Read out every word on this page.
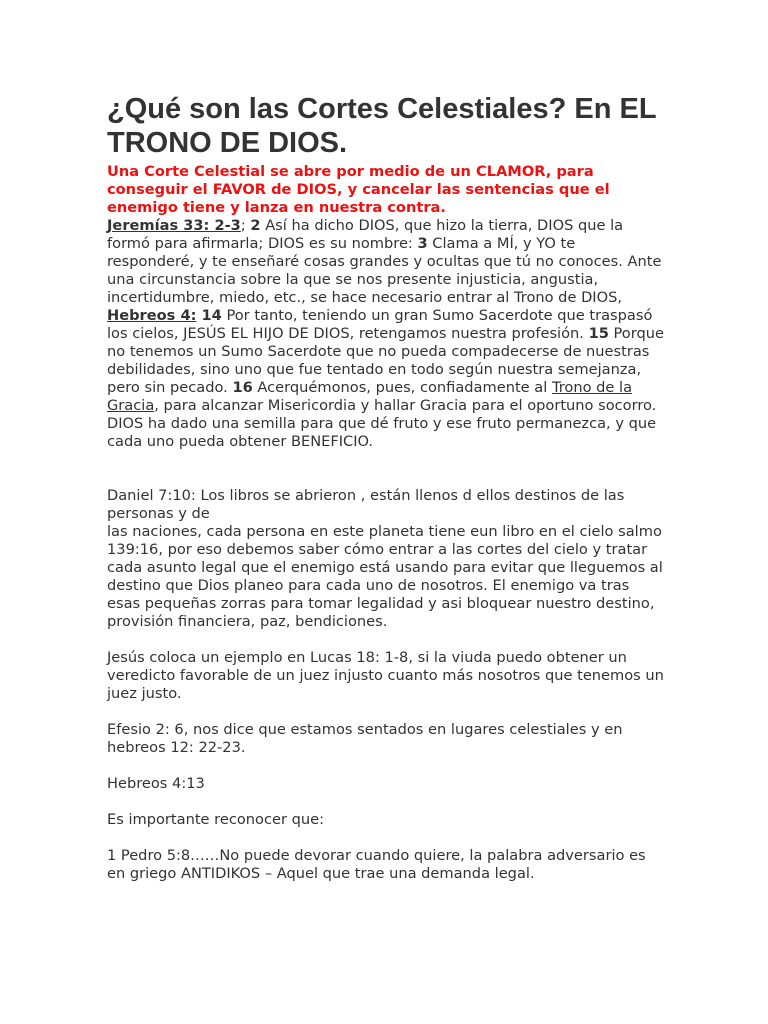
¿Qué son las Cortes Celestiales? En EL TRONO DE DIOS.
Una Corte Celestial se abre por medio de un CLAMOR, para conseguir el FAVOR de DIOS, y cancelar las sentencias que el enemigo tiene y lanza en nuestra contra.

Jeremías 33: 2-3; 2 Así ha dicho DIOS, que hizo la tierra, DIOS que la formó para afirmarla; DIOS es su nombre: 3 Clama a MÍ, y YO te responderé, y te enseñaré cosas grandes y ocultas que tú no conoces. Ante una circunstancia sobre la que se nos presente injusticia, angustia, incertidumbre, miedo, etc., se hace necesario entrar al Trono de DIOS, Hebreos 4: 14 Por tanto, teniendo un gran Sumo Sacerdote que traspasó los cielos, JESÚS EL HIJO DE DIOS, retengamos nuestra profesión. 15 Porque no tenemos un Sumo Sacerdote que no pueda compadecerse de nuestras debilidades, sino uno que fue tentado en todo según nuestra semejanza, pero sin pecado. 16 Acerquémonos, pues, confiadamente al Trono de la Gracia, para alcanzar Misericordia y hallar Gracia para el oportuno socorro.

DIOS ha dado una semilla para que dé fruto y ese fruto permanezca, y que cada uno pueda obtener BENEFICIO.

Daniel 7:10: Los libros se abrieron , están llenos d ellos destinos de las personas y de

las naciones, cada persona en este planeta tiene eun libro en el cielo salmo 139:16, por eso debemos saber cómo entrar a las cortes del cielo y tratar cada asunto legal que el enemigo está usando para evitar que lleguemos al destino que Dios planeo para cada uno de nosotros. El enemigo va tras esas pequeñas zorras para tomar legalidad y asi bloquear nuestro destino, provisión financiera, paz, bendiciones.

Jesús coloca un ejemplo en Lucas 18: 1-8, si la viuda puedo obtener un veredicto favorable de un juez injusto cuanto más nosotros que tenemos un juez justo.

Efesio 2: 6, nos dice que estamos sentados en lugares celestiales y en hebreos 12: 22-23.

Hebreos 4:13

Es importante reconocer que:

1 Pedro 5:8……No puede devorar cuando quiere, la palabra adversario es en griego ANTIDIKOS – Aquel que trae una demanda legal.
